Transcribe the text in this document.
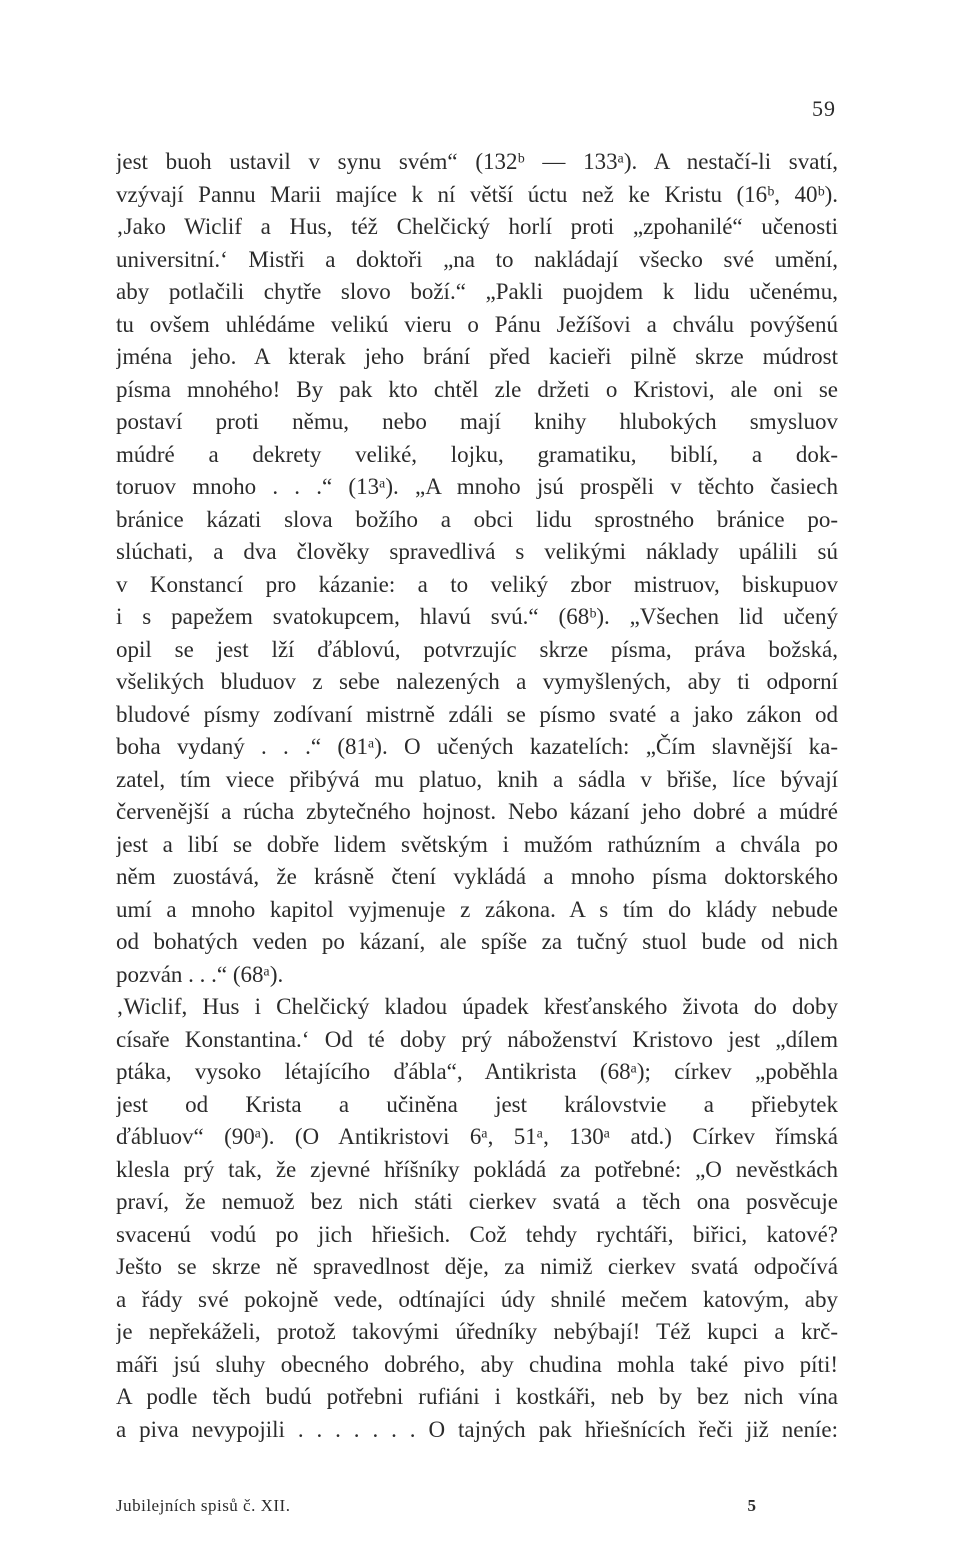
59
jest buoh ustavil v synu svém“ (132ᵇ — 133ᵃ). A nestačí-li svatí,
vzývají Pannu Marii majíce k ní větší úctu než ke Kristu (16ᵇ, 40ᵇ).
‚Jako Wiclif a Hus, též Chelčický horlí proti „zpohanilé“ učenosti
universitní.‘ Mistři a doktoři „na to nakládají všecko své umění,
aby potlačili chytře slovo boží.“ „Pakli puojdem k lidu učenému,
tu ovšem uhlédáme velikú vieru o Pánu Ježíšovi a chválu povýšenú
jména jeho. A kterak jeho brání před kacieři pilně skrze múdrost
písma mnohého! By pak kto chtěl zle držeti o Kristovi, ale oni se
postaví proti němu, nebo mají knihy hlubokých smysluov
múdré a dekrety veliké, lojku, gramatiku, biblí, a dok-
toruov mnoho . . .“ (13ᵃ). „A mnoho jsú prospěli v těchto časiech
bránice kázati slova božího a obci lidu sprostného bránice po-
slúchati, a dva člověky spravedlivá s velikými náklady upálili sú
v Konstancí pro kázanie: a to veliký zbor mistruov, biskupuov
i s papežem svatokupcem, hlavú svú.“ (68ᵇ). „Všechen lid učený
opil se jest lží ďáblovú, potvrzujíc skrze písma, práva božská,
všelikých bluduov z sebe nalezených a vymyšlených, aby ti odporní
bludové písmy zodívaní mistrně zdáli se písmo svaté a jako zákon od
boha vydaný . . .“ (81ᵃ). O učených kazatelích: „Čím slavnější ka-
zatel, tím viece přibývá mu platuo, knih a sádla v břiše, líce bývají
červenější a rúcha zbytečného hojnost. Nebo kázaní jeho dobré a múdré
jest a libí se dobře lidem světským i mužóm rathúzním a chvála po
něm zuostává, že krásně čtení vykládá a mnoho písma doktorského
umí a mnoho kapitol vyjmenuje z zákona. A s tím do klády nebude
od bohatých veden po kázaní, ale spíše za tučný stuol bude od nich
pozván . . .“ (68ᵃ).
‚Wiclif, Hus i Chelčický kladou úpadek křesťanského života do doby
císaře Konstantina.‘ Od té doby prý náboženství Kristovo jest „dílem
ptáka, vysoko létajícího ďábla“, Antikrista (68ᵃ); církev „poběhla
jest od Krista a učiněna jest královstvie a přiebytek
ďábluov“ (90ᵃ). (O Antikristovi 6ᵃ, 51ᵃ, 130ᵃ atd.) Církev římská
klesla prý tak, že zjevné hříšníky pokládá za potřebné: „O nevěstkách
praví, že nemuož bez nich státi cierkev svatá a těch ona posvěcuje
svaceнú vodú po jich hřiešich. Což tehdy rychtáři, biřici, katové?
Ješto se skrze ně spravedlnost děje, za nimiž cierkev svatá odpočívá
a řády své pokojně vede, odtínajíci údy shnilé mečem katovým, aby
je nepřekáželi, protož takovými úředníky nebýbají! Též kupci a krč-
máři jsú sluhy obecného dobrého, aby chudina mohla také pivo píti!
A podle těch budú potřebni rufiáni i kostkáři, neb by bez nich vína
a piva nevypojili . . . . . . . O tajných pak hřiešnících řeči již neníe:
Jubilejních spisů č. XII.	5
